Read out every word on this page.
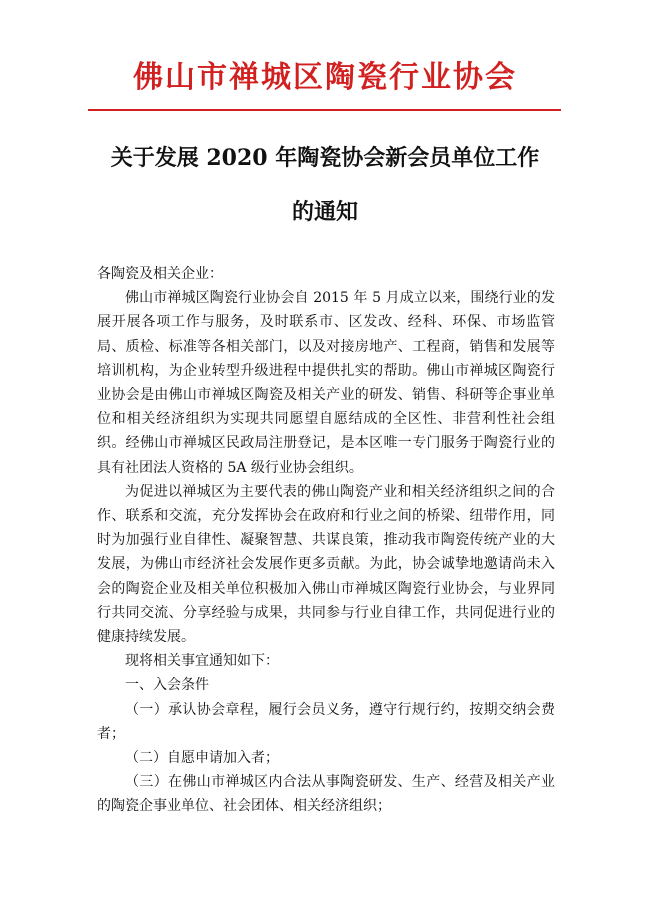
佛山市禅城区陶瓷行业协会
关于发展 2020 年陶瓷协会新会员单位工作
的通知

各陶瓷及相关企业：

佛山市禅城区陶瓷行业协会自 2015 年 5 月成立以来，围绕行业的发展开展各项工作与服务，及时联系市、区发改、经科、环保、市场监管局、质检、标准等各相关部门，以及对接房地产、工程商，销售和发展等培训机构，为企业转型升级进程中提供扎实的帮助。佛山市禅城区陶瓷行业协会是由佛山市禅城区陶瓷及相关产业的研发、销售、科研等企事业单位和相关经济组织为实现共同愿望自愿结成的全区性、非营利性社会组织。经佛山市禅城区民政局注册登记，是本区唯一专门服务于陶瓷行业的具有社团法人资格的 5A 级行业协会组织。

为促进以禅城区为主要代表的佛山陶瓷产业和相关经济组织之间的合作、联系和交流，充分发挥协会在政府和行业之间的桥梁、纽带作用，同时为加强行业自律性、凝聚智慧、共谋良策，推动我市陶瓷传统产业的大发展，为佛山市经济社会发展作更多贡献。为此，协会诚挚地邀请尚未入会的陶瓷企业及相关单位积极加入佛山市禅城区陶瓷行业协会，与业界同行共同交流、分享经验与成果，共同参与行业自律工作，共同促进行业的健康持续发展。

现将相关事宜通知如下：

一、入会条件

（一）承认协会章程，履行会员义务，遵守行规行约，按期交纳会费者；

（二）自愿申请加入者；

（三）在佛山市禅城区内合法从事陶瓷研发、生产、经营及相关产业的陶瓷企事业单位、社会团体、相关经济组织；
